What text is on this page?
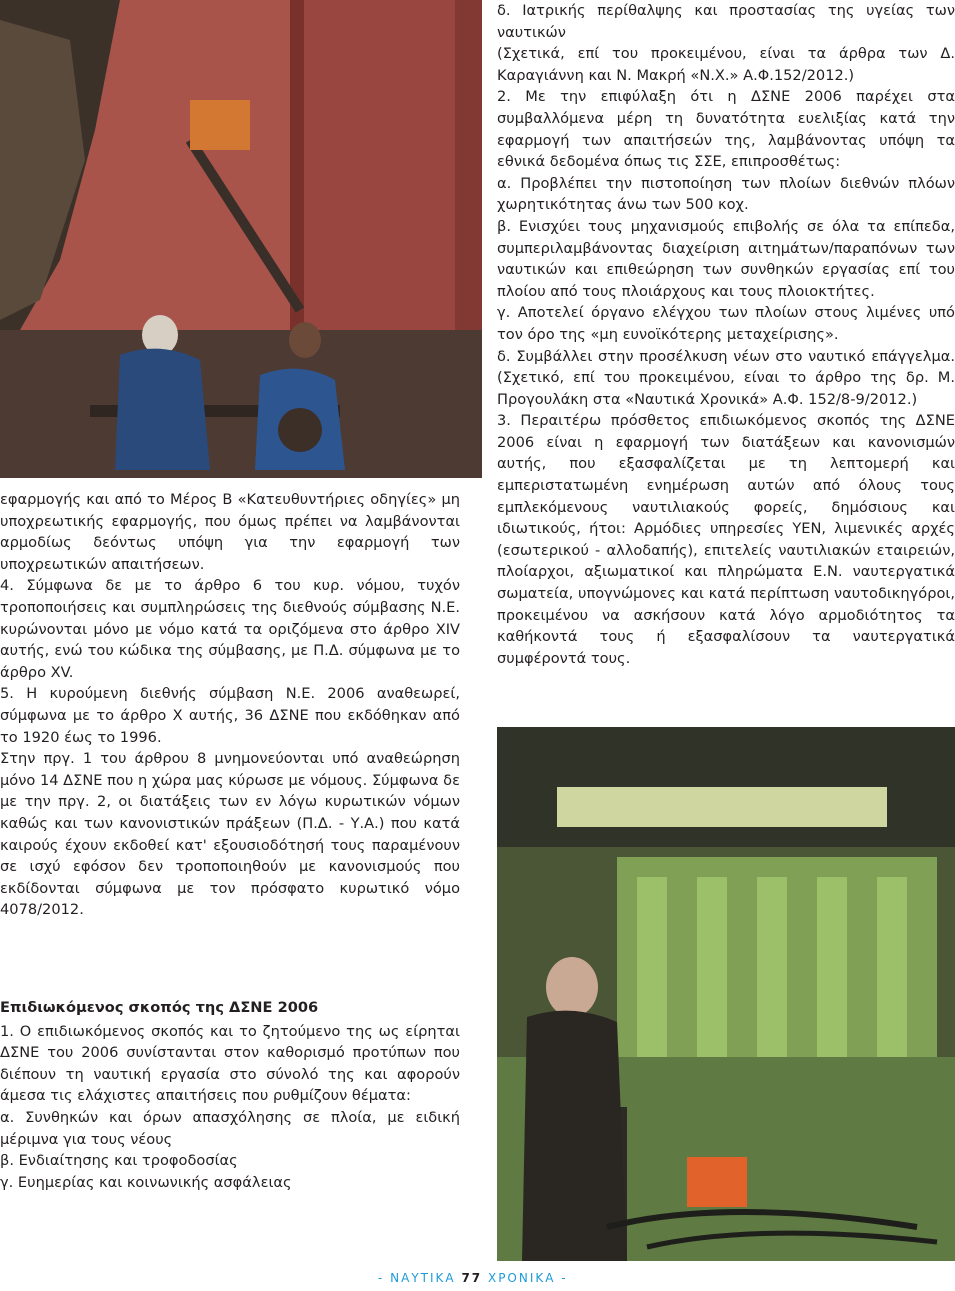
εφαρμογής και από το Μέρος Β «Κατευθυντήριες οδηγίες» μη υποχρεωτικής εφαρμογής, που όμως πρέπει να λαμβάνονται αρμοδίως δεόντως υπόψη για την εφαρμογή των υποχρεωτικών απαιτήσεων.

4. Σύμφωνα δε με το άρθρο 6 του κυρ. νόμου, τυχόν τροποποιήσεις και συμπληρώσεις της διεθνούς σύμβασης Ν.Ε. κυρώνονται μόνο με νόμο κατά τα οριζόμενα στο άρθρο XIV αυτής, ενώ του κώδικα της σύμβασης, με Π.Δ. σύμφωνα με το άρθρο XV.

5. Η κυρούμενη διεθνής σύμβαση Ν.Ε. 2006 αναθεωρεί, σύμφωνα με το άρθρο X αυτής, 36 ΔΣΝΕ που εκδόθηκαν από το 1920 έως το 1996.

Στην πργ. 1 του άρθρου 8 μνημονεύονται υπό αναθεώρηση μόνο 14 ΔΣΝΕ που η χώρα μας κύρωσε με νόμους. Σύμφωνα δε με την πργ. 2, οι διατάξεις των εν λόγω κυρωτικών νόμων καθώς και των κανονιστικών πράξεων (Π.Δ. - Υ.Α.) που κατά καιρούς έχουν εκδοθεί κατ' εξουσιοδότησή τους παραμένουν σε ισχύ εφόσον δεν τροποποιηθούν με κανονισμούς που εκδίδονται σύμφωνα με τον πρόσφατο κυρωτικό νόμο 4078/2012.

Επιδιωκόμενος σκοπός της ΔΣΝΕ 2006

1. Ο επιδιωκόμενος σκοπός και το ζητούμενο της ως είρηται ΔΣΝΕ του 2006 συνίστανται στον καθορισμό προτύπων που διέπουν τη ναυτική εργασία στο σύνολό της και αφορούν άμεσα τις ελάχιστες απαιτήσεις που ρυθμίζουν θέματα:

α. Συνθηκών και όρων απασχόλησης σε πλοία, με ειδική μέριμνα για τους νέους

β. Ενδιαίτησης και τροφοδοσίας

γ. Ευημερίας και κοινωνικής ασφάλειας

δ. Ιατρικής περίθαλψης και προστασίας της υγείας των ναυτικών

(Σχετικά, επί του προκειμένου, είναι τα άρθρα των Δ. Καραγιάννη και Ν. Μακρή «Ν.Χ.» Α.Φ.152/2012.)

2. Με την επιφύλαξη ότι η ΔΣΝΕ 2006 παρέχει στα συμβαλλόμενα μέρη τη δυνατότητα ευελιξίας κατά την εφαρμογή των απαιτήσεών της, λαμβάνοντας υπόψη τα εθνικά δεδομένα όπως τις ΣΣΕ, επιπροσθέτως:

α. Προβλέπει την πιστοποίηση των πλοίων διεθνών πλόων χωρητικότητας άνω των 500 κοχ.

β. Ενισχύει τους μηχανισμούς επιβολής σε όλα τα επίπεδα, συμπεριλαμβάνοντας διαχείριση αιτημάτων/παραπόνων των ναυτικών και επιθεώρηση των συνθηκών εργασίας επί του πλοίου από τους πλοιάρχους και τους πλοιοκτήτες.

γ. Αποτελεί όργανο ελέγχου των πλοίων στους λιμένες υπό τον όρο της «μη ευνοϊκότερης μεταχείρισης».

δ. Συμβάλλει στην προσέλκυση νέων στο ναυτικό επάγγελμα. (Σχετικό, επί του προκειμένου, είναι το άρθρο της δρ. Μ. Προγουλάκη στα «Ναυτικά Χρονικά» Α.Φ. 152/8-9/2012.)

3. Περαιτέρω πρόσθετος επιδιωκόμενος σκοπός της ΔΣΝΕ 2006 είναι η εφαρμογή των διατάξεων και κανονισμών αυτής, που εξασφαλίζεται με τη λεπτομερή και εμπεριστατωμένη ενημέρωση αυτών από όλους τους εμπλεκόμενους ναυτιλιακούς φορείς, δημόσιους και ιδιωτικούς, ήτοι: Αρμόδιες υπηρεσίες ΥΕΝ, λιμενικές αρχές (εσωτερικού - αλλοδαπής), επιτελείς ναυτιλιακών εταιρειών, πλοίαρχοι, αξιωματικοί και πληρώματα Ε.Ν. ναυτεργατικά σωματεία, υπογνώμονες και κατά περίπτωση ναυτοδικηγόροι, προκειμένου να ασκήσουν κατά λόγο αρμοδιότητος τα καθήκοντά τους ή εξασφαλίσουν τα ναυτεργατικά συμφέροντά τους.

- ΝΑΥΤΙΚΑ 77 ΧΡΟΝΙΚΑ -
